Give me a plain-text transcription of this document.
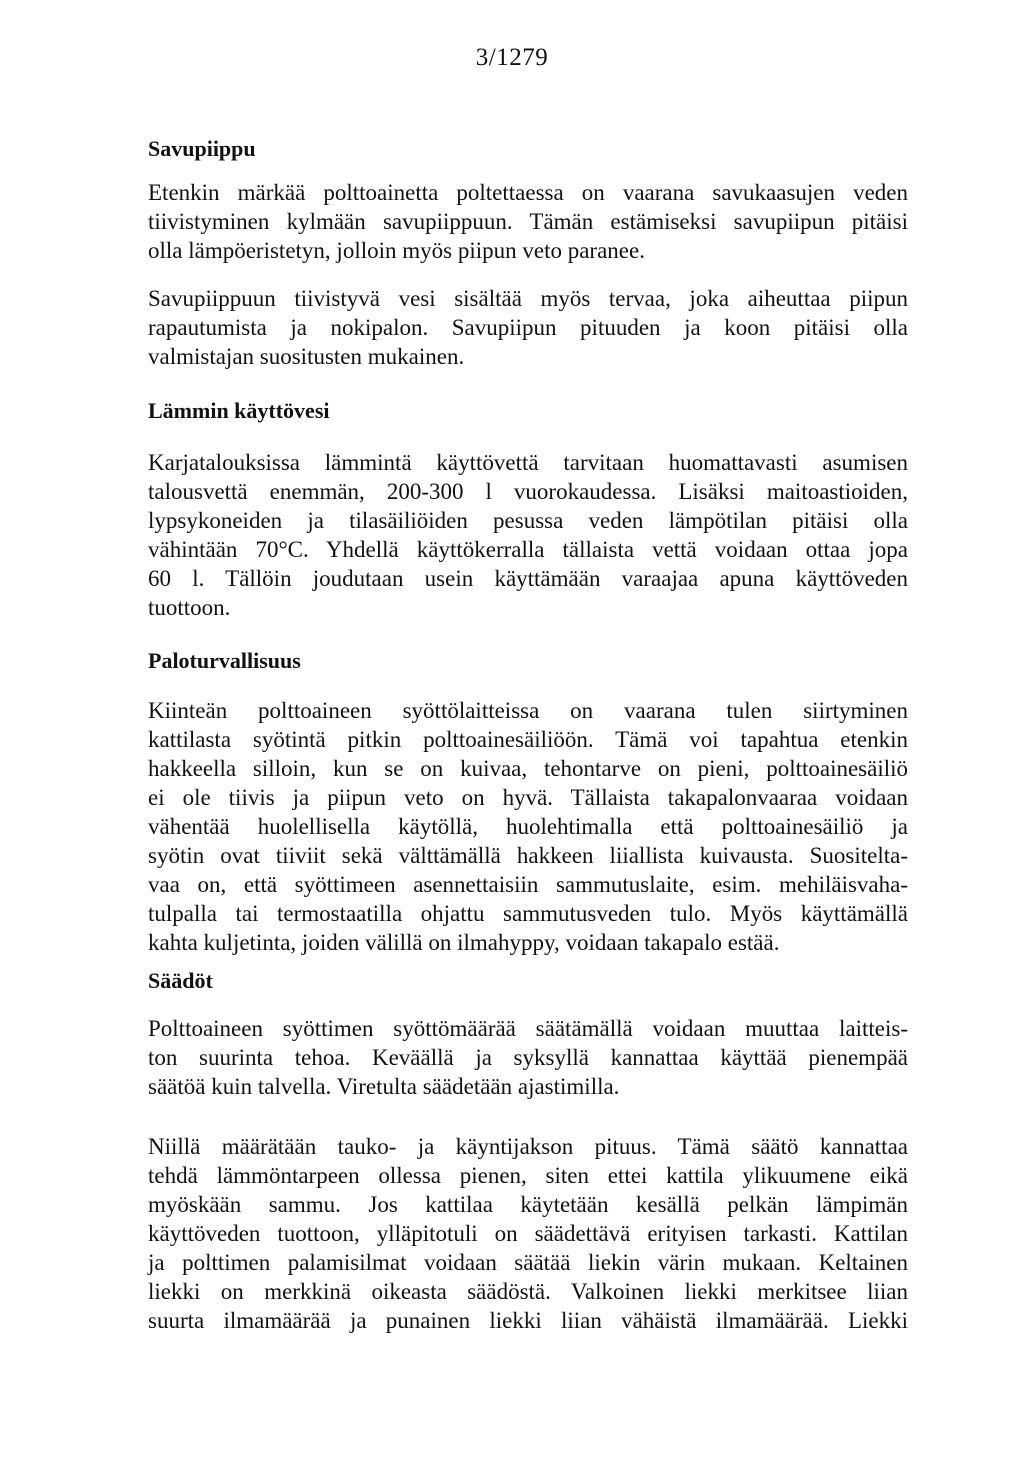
3/1279
Savupiippu

Etenkin märkää polttoainetta poltettaessa on vaarana savukaasujen veden
tiivistyminen kylmään savupiippuun. Tämän estämiseksi savupiipun pitäisi
olla lämpöeristetyn, jolloin myös piipun veto paranee.

Savupiippuun tiivistyvä vesi sisältää myös tervaa, joka aiheuttaa piipun
rapautumista ja nokipalon. Savupiipun pituuden ja koon pitäisi olla
valmistajan suositusten mukainen.

Lämmin käyttövesi

Karjatalouksissa lämmintä käyttövettä tarvitaan huomattavasti asumisen
talousvettä enemmän, 200-300 l vuorokaudessa. Lisäksi maitoastioiden,
lypsykoneiden ja tilasäiliöiden pesussa veden lämpötilan pitäisi olla
vähintään 70°C. Yhdellä käyttökerralla tällaista vettä voidaan ottaa jopa
60 l. Tällöin joudutaan usein käyttämään varaajaa apuna käyttöveden
tuottoon.

Paloturvallisuus

Kiinteän polttoaineen syöttölaitteissa on vaarana tulen siirtyminen
kattilasta syötintä pitkin polttoainesäiliöön. Tämä voi tapahtua etenkin
hakkeella silloin, kun se on kuivaa, tehontarve on pieni, polttoainesäiliö
ei ole tiivis ja piipun veto on hyvä. Tällaista takapalonvaaraa voidaan
vähentää huolellisella käytöllä, huolehtimalla että polttoainesäiliö ja
syötin ovat tiiviit sekä välttämällä hakkeen liiallista kuivausta. Suositelta-
vaa on, että syöttimeen asennettaisiin sammutuslaite, esim. mehiläisvaha-
tulpalla tai termostaatilla ohjattu sammutusveden tulo. Myös käyttämällä
kahta kuljetinta, joiden välillä on ilmahyppy, voidaan takapalo estää.

Säädöt

Polttoaineen syöttimen syöttömäärää säätämällä voidaan muuttaa laitteis-
ton suurinta tehoa. Keväällä ja syksyllä kannattaa käyttää pienempää
säätöä kuin talvella. Viretulta säädetään ajastimilla.

Niillä määrätään tauko- ja käyntijakson pituus. Tämä säätö kannattaa
tehdä lämmöntarpeen ollessa pienen, siten ettei kattila ylikuumene eikä
myöskään sammu. Jos kattilaa käytetään kesällä pelkän lämpimän
käyttöveden tuottoon, ylläpitotuli on säädettävä erityisen tarkasti. Kattilan
ja polttimen palamisilmat voidaan säätää liekin värin mukaan. Keltainen
liekki on merkkinä oikeasta säädöstä. Valkoinen liekki merkitsee liian
suurta ilmamäärää ja punainen liekki liian vähäistä ilmamäärää. Liekki
